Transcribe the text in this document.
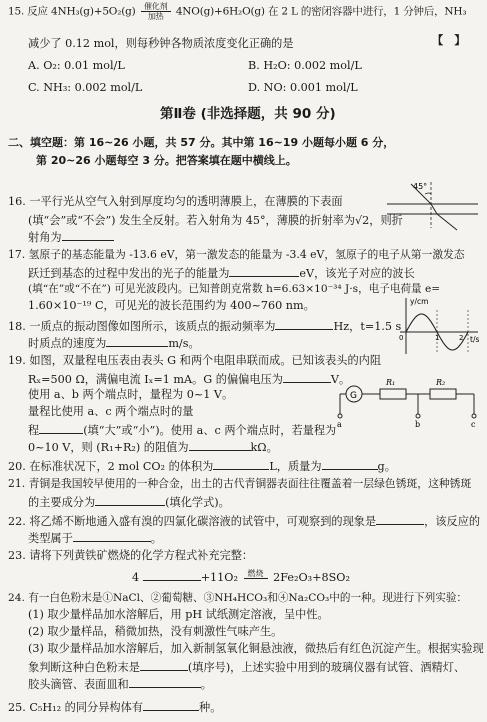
15. 反应 4NH₃(g)+5O₂(g) 催化剂
加热 4NO(g)+6H₂O(g) 在 2 L 的密闭容器中进行，1 分钟后，NH₃
减少了 0.12 mol，则每秒钟各物质浓度变化正确的是	【　】
A. O₂: 0.01 mol/L	B. H₂O: 0.002 mol/L
C. NH₃: 0.002 mol/L	D. NO: 0.001 mol/L
第Ⅱ卷 (非选择题，共 90 分)
二、填空题：第 16~26 小题，共 57 分。其中第 16~19 小题每小题 6 分，
第 20~26 小题每空 3 分。把答案填在题中横线上。
16. 一平行光从空气入射到厚度均匀的透明薄膜上，在薄膜的下表面
(填“会”或“不会”) 发生全反射。若入射角为 45°，薄膜的折射率为√2，则折
射角为
45°
17. 氢原子的基态能量为 -13.6 eV，第一激发态的能量为 -3.4 eV，氢原子的电子从第一激发态
跃迁到基态的过程中发出的光子的能量为	eV，该光子对应的波长
(填“在”或“不在”) 可见光波段内。已知普朗克常数 h=6.63×10⁻³⁴ J·s，电子电荷量 e=
1.60×10⁻¹⁹ C，可见光的波长范围约为 400~760 nm。
18. 一质点的振动图像如图所示，该质点的振动频率为	Hz，t=1.5 s
时质点的速度为	m/s。
y/cm
t/s
0	1	2
19. 如图，双量程电压表由表头 G 和两个电阻串联而成。已知该表头的内阻
Rₓ=500 Ω，满偏电流 Iₓ=1 mA。G 的偏偏电压为	V。
使用 a、b 两个端点时，量程为 0~1 V。
量程比使用 a、c 两个端点时的量
程	(填“大”或“小”)。使用 a、c 两个端点时，若量程为
0~10 V，则 (R₁+R₂) 的阻值为	kΩ。
G
R₁	R₂
a	b	c
20. 在标准状况下，2 mol CO₂ 的体积为	L，质量为	g。
21. 青铜是我国较早使用的一种合金，出土的古代青铜器表面往往覆盖着一层绿色锈斑，这种锈斑
的主要成分为	(填化学式)。
22. 将乙烯不断地通入盛有溴的四氯化碳溶液的试管中，可观察到的现象是	，该反应的
类型属于	。
23. 请将下列黄铁矿燃烧的化学方程式补充完整：
4	+11O₂ 燃烧 2Fe₂O₃+8SO₂
24. 有一白色粉末是①NaCl、②葡萄糖、③NH₄HCO₃和④Na₂CO₃中的一种。现进行下列实验：
(1) 取少量样品加水溶解后，用 pH 试纸测定溶液，呈中性。
(2) 取少量样品，稍微加热，没有刺激性气味产生。
(3) 取少量样品加水溶解后，加入新制氢氧化铜悬浊液，微热后有红色沉淀产生。根据实验现
象判断这种白色粉末是	(填序号)，上述实验中用到的玻璃仪器有试管、酒精灯、
胶头滴管、表面皿和	。
25. C₅H₁₂ 的同分异构体有	种。
